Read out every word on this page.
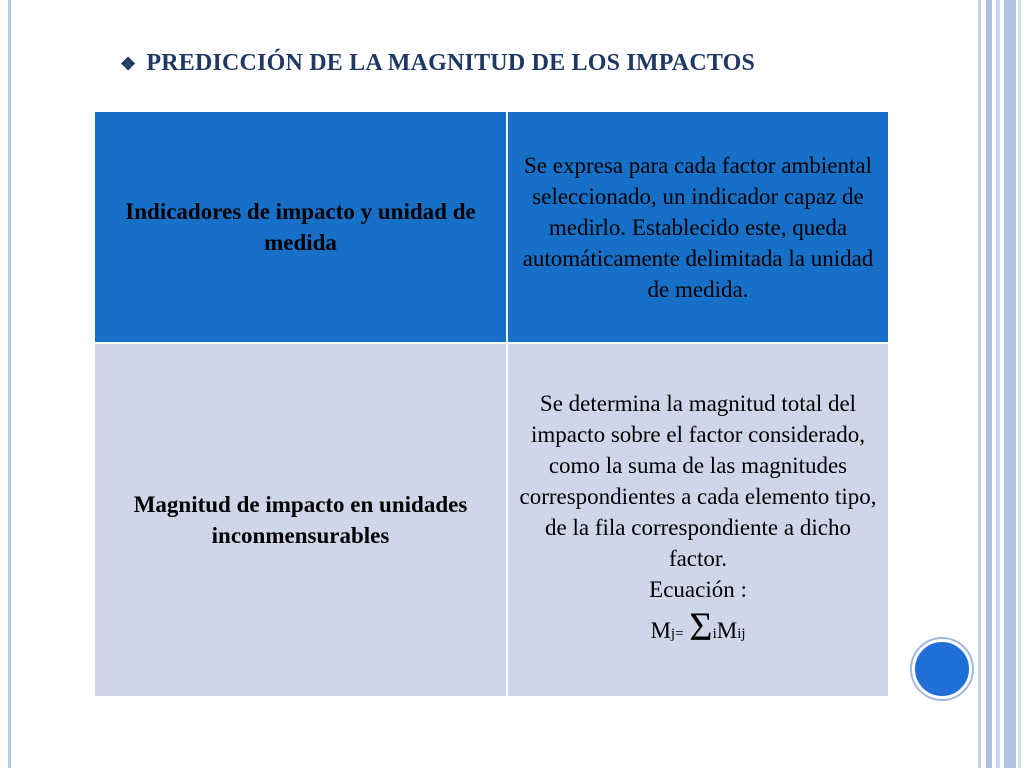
❖ PREDICCIÓN DE LA MAGNITUD DE LOS IMPACTOS
Indicadores de impacto y unidad de medida	Se expresa para cada factor ambiental seleccionado, un indicador capaz de medirlo. Establecido este, queda automáticamente delimitada la unidad de medida.
Magnitud de impacto en unidades inconmensurables	Se determina la magnitud total del impacto sobre el factor considerado, como la suma de las magnitudes correspondientes a cada elemento tipo, de la fila correspondiente a dicho factor.
Ecuación :
Mj= ΣiMij
